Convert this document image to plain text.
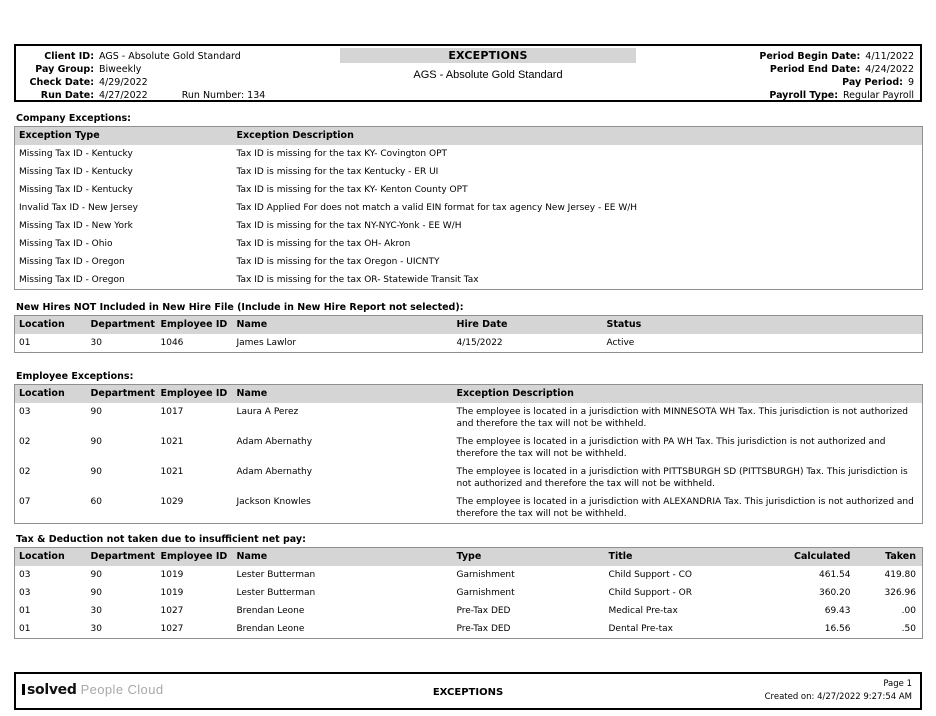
Client ID: AGS - Absolute Gold Standard
Pay Group: Biweekly
Check Date: 4/29/2022
Run Date: 4/27/2022	Run Number: 134
EXCEPTIONS
AGS - Absolute Gold Standard
Period Begin Date: 4/11/2022
Period End Date: 4/24/2022
Pay Period: 9
Payroll Type: Regular Payroll
Company Exceptions:
Exception Type	Exception Description
Missing Tax ID - Kentucky	Tax ID is missing for the tax KY- Covington OPT
Missing Tax ID - Kentucky	Tax ID is missing for the tax Kentucky - ER UI
Missing Tax ID - Kentucky	Tax ID is missing for the tax KY- Kenton County OPT
Invalid Tax ID - New Jersey	Tax ID Applied For does not match a valid EIN format for tax agency New Jersey - EE W/H
Missing Tax ID - New York	Tax ID is missing for the tax NY-NYC-Yonk - EE W/H
Missing Tax ID - Ohio	Tax ID is missing for the tax OH- Akron
Missing Tax ID - Oregon	Tax ID is missing for the tax Oregon - UICNTY
Missing Tax ID - Oregon	Tax ID is missing for the tax OR- Statewide Transit Tax
New Hires NOT Included in New Hire File (Include in New Hire Report not selected):
Location	Department	Employee ID	Name	Hire Date	Status
01	30	1046	James Lawlor	4/15/2022	Active
Employee Exceptions:
Location	Department	Employee ID	Name	Exception Description
03	90	1017	Laura A Perez	The employee is located in a jurisdiction with MINNESOTA WH Tax. This jurisdiction is not authorized and therefore the tax will not be withheld.
02	90	1021	Adam Abernathy	The employee is located in a jurisdiction with PA WH Tax. This jurisdiction is not authorized and therefore the tax will not be withheld.
02	90	1021	Adam Abernathy	The employee is located in a jurisdiction with PITTSBURGH SD (PITTSBURGH) Tax. This jurisdiction is not authorized and therefore the tax will not be withheld.
07	60	1029	Jackson Knowles	The employee is located in a jurisdiction with ALEXANDRIA Tax. This jurisdiction is not authorized and therefore the tax will not be withheld.
Tax & Deduction not taken due to insufficient net pay:
Location	Department	Employee ID	Name	Type	Title	Calculated	Taken
03	90	1019	Lester Butterman	Garnishment	Child Support - CO	461.54	419.80
03	90	1019	Lester Butterman	Garnishment	Child Support - OR	360.20	326.96
01	30	1027	Brendan Leone	Pre-Tax DED	Medical Pre-tax	69.43	.00
01	30	1027	Brendan Leone	Pre-Tax DED	Dental Pre-tax	16.56	.50
solved People Cloud	EXCEPTIONS
Page 1
Created on: 4/27/2022 9:27:54 AM
